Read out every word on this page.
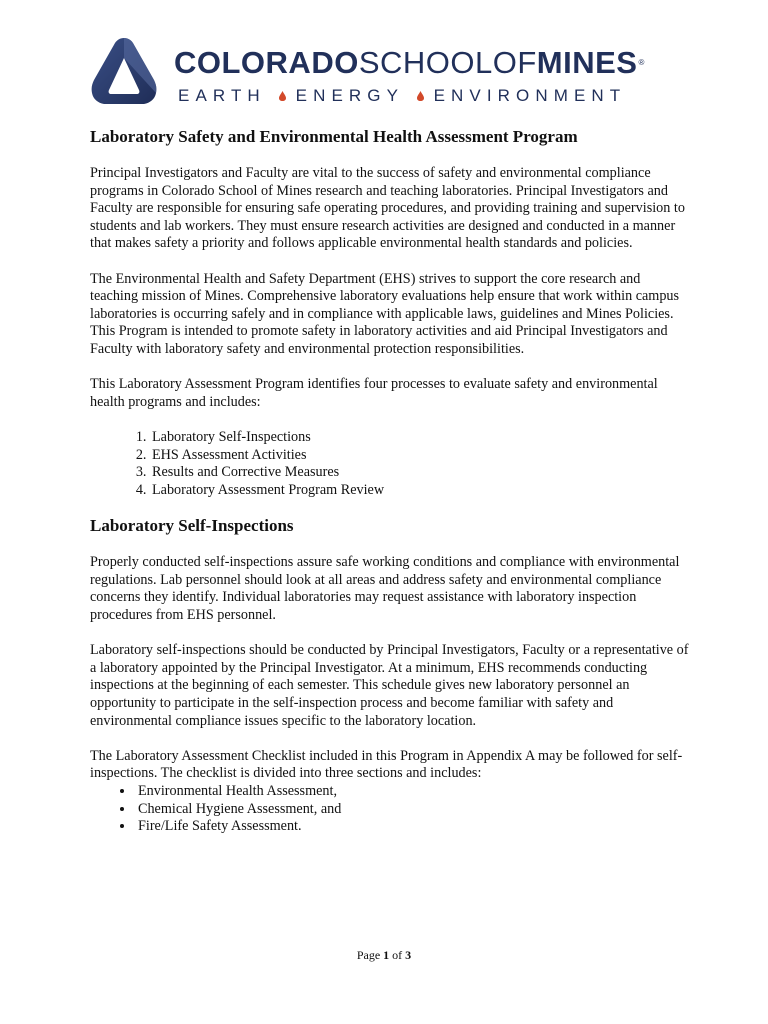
COLORADOSCHOOLOFMINES®
EARTH ENERGY ENVIRONMENT
Laboratory Safety and Environmental Health Assessment Program

Principal Investigators and Faculty are vital to the success of safety and environmental compliance programs in Colorado School of Mines research and teaching laboratories. Principal Investigators and Faculty are responsible for ensuring safe operating procedures, and providing training and supervision to students and lab workers. They must ensure research activities are designed and conducted in a manner that makes safety a priority and follows applicable environmental health standards and policies.

The Environmental Health and Safety Department (EHS) strives to support the core research and teaching mission of Mines. Comprehensive laboratory evaluations help ensure that work within campus laboratories is occurring safely and in compliance with applicable laws, guidelines and Mines Policies. This Program is intended to promote safety in laboratory activities and aid Principal Investigators and Faculty with laboratory safety and environmental protection responsibilities.

This Laboratory Assessment Program identifies four processes to evaluate safety and environmental health programs and includes:

1. Laboratory Self-Inspections
2. EHS Assessment Activities
3. Results and Corrective Measures
4. Laboratory Assessment Program Review
Laboratory Self-Inspections

Properly conducted self-inspections assure safe working conditions and compliance with environmental regulations. Lab personnel should look at all areas and address safety and environmental compliance concerns they identify. Individual laboratories may request assistance with laboratory inspection procedures from EHS personnel.

Laboratory self-inspections should be conducted by Principal Investigators, Faculty or a representative of a laboratory appointed by the Principal Investigator. At a minimum, EHS recommends conducting inspections at the beginning of each semester. This schedule gives new laboratory personnel an opportunity to participate in the self-inspection process and become familiar with safety and environmental compliance issues specific to the laboratory location.

The Laboratory Assessment Checklist included in this Program in Appendix A may be followed for self-inspections. The checklist is divided into three sections and includes:

• Environmental Health Assessment,
• Chemical Hygiene Assessment, and
• Fire/Life Safety Assessment.
Page 1 of 3
